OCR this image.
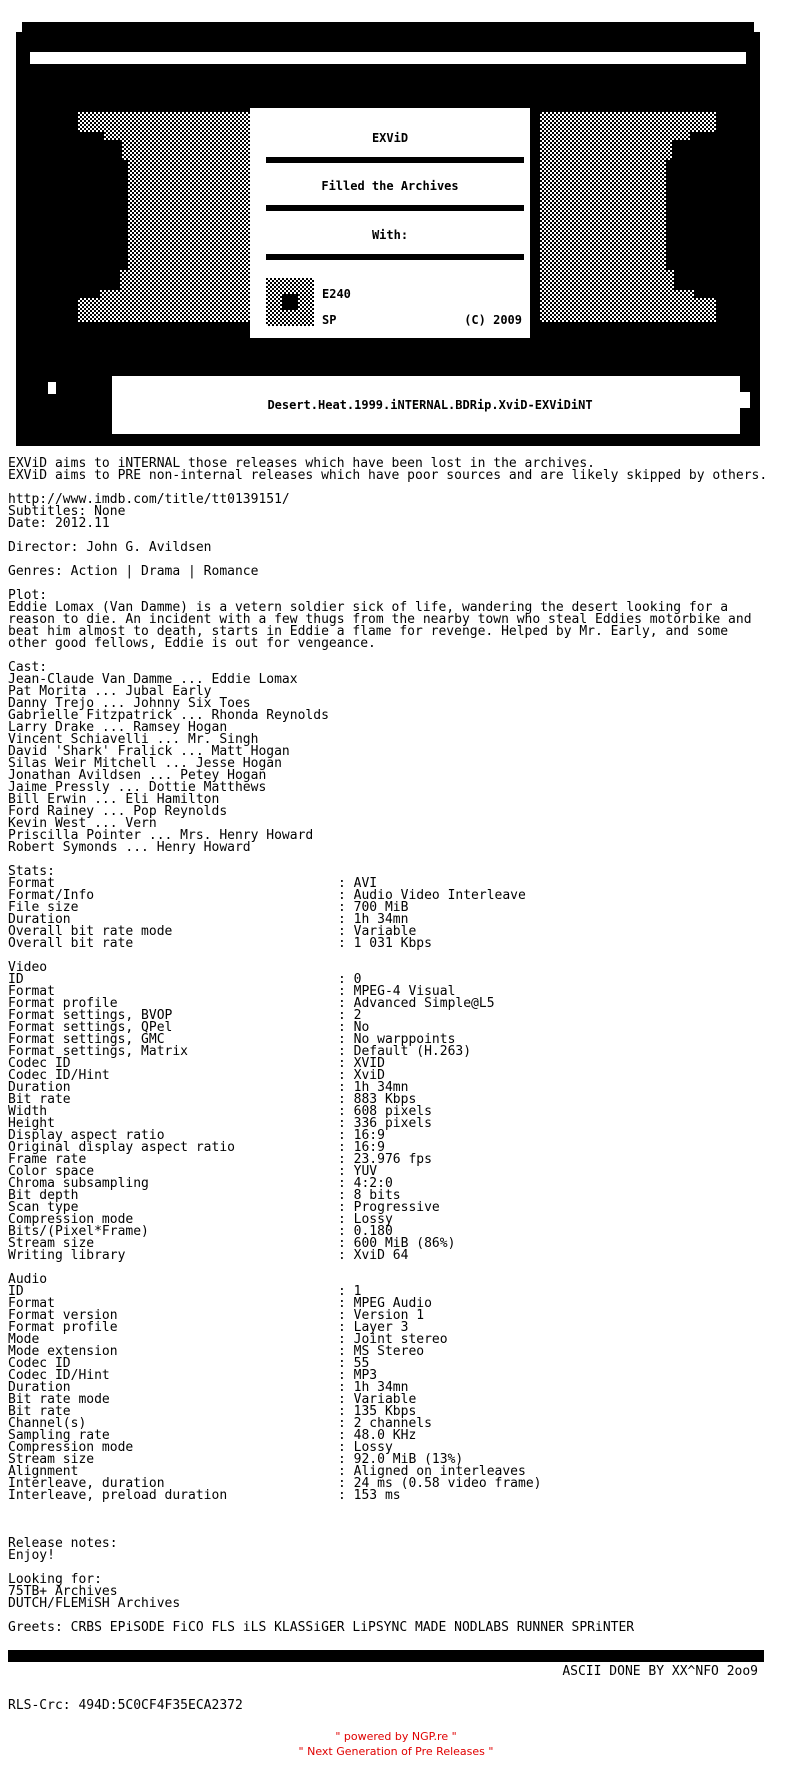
EXViD
Filled the Archives
With:
E240
SP	(C) 2009
Desert.Heat.1999.iNTERNAL.BDRip.XviD-EXViDiNT
EXViD aims to iNTERNAL those releases which have been lost in the archives.
EXViD aims to PRE non-internal releases which have poor sources and are likely skipped by others.
http://www.imdb.com/title/tt0139151/
Subtitles: None
Date: 2012.11
Director: John G. Avildsen
Genres: Action | Drama | Romance
Plot:
Eddie Lomax (Van Damme) is a vetern soldier sick of life, wandering the desert looking for a
reason to die. An incident with a few thugs from the nearby town who steal Eddies motorbike and
beat him almost to death, starts in Eddie a flame for revenge. Helped by Mr. Early, and some
other good fellows, Eddie is out for vengeance.
Cast:
Jean-Claude Van Damme ... Eddie Lomax
Pat Morita ... Jubal Early
Danny Trejo ... Johnny Six Toes
Gabrielle Fitzpatrick ... Rhonda Reynolds
Larry Drake ... Ramsey Hogan
Vincent Schiavelli ... Mr. Singh
David 'Shark' Fralick ... Matt Hogan
Silas Weir Mitchell ... Jesse Hogan
Jonathan Avildsen ... Petey Hogan
Jaime Pressly ... Dottie Matthews
Bill Erwin ... Eli Hamilton
Ford Rainey ... Pop Reynolds
Kevin West ... Vern
Priscilla Pointer ... Mrs. Henry Howard
Robert Symonds ... Henry Howard
Stats:
Format	: AVI
Format/Info	: Audio Video Interleave
File size	: 700 MiB
Duration	: 1h 34mn
Overall bit rate mode	: Variable
Overall bit rate	: 1 031 Kbps
Video
ID	: 0
Format	: MPEG-4 Visual
Format profile	: Advanced Simple@L5
Format settings, BVOP	: 2
Format settings, QPel	: No
Format settings, GMC	: No warppoints
Format settings, Matrix	: Default (H.263)
Codec ID	: XVID
Codec ID/Hint	: XviD
Duration	: 1h 34mn
Bit rate	: 883 Kbps
Width	: 608 pixels
Height	: 336 pixels
Display aspect ratio	: 16:9
Original display aspect ratio	: 16:9
Frame rate	: 23.976 fps
Color space	: YUV
Chroma subsampling	: 4:2:0
Bit depth	: 8 bits
Scan type	: Progressive
Compression mode	: Lossy
Bits/(Pixel*Frame)	: 0.180
Stream size	: 600 MiB (86%)
Writing library	: XviD 64
Audio
ID	: 1
Format	: MPEG Audio
Format version	: Version 1
Format profile	: Layer 3
Mode	: Joint stereo
Mode extension	: MS Stereo
Codec ID	: 55
Codec ID/Hint	: MP3
Duration	: 1h 34mn
Bit rate mode	: Variable
Bit rate	: 135 Kbps
Channel(s)	: 2 channels
Sampling rate	: 48.0 KHz
Compression mode	: Lossy
Stream size	: 92.0 MiB (13%)
Alignment	: Aligned on interleaves
Interleave, duration	: 24 ms (0.58 video frame)
Interleave, preload duration	: 153 ms
Release notes:
Enjoy!
Looking for:
75TB+ Archives
DUTCH/FLEMiSH Archives
Greets: CRBS EPiSODE FiCO FLS iLS KLASSiGER LiPSYNC MADE NODLABS RUNNER SPRiNTER
ASCII DONE BY XX^NFO 2oo9
RLS-Crc: 494D:5C0CF4F35ECA2372
" powered by NGP.re "
" Next Generation of Pre Releases "
